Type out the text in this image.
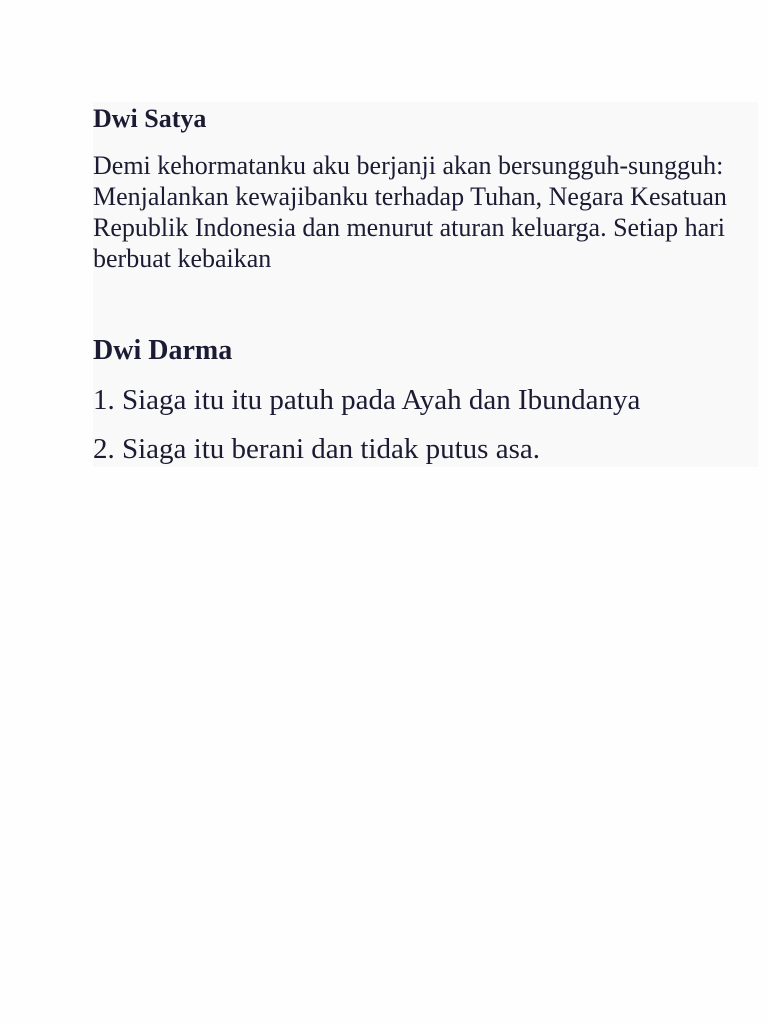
Dwi Satya

Demi kehormatanku aku berjanji akan bersungguh-sungguh: Menjalankan kewajibanku terhadap Tuhan, Negara Kesatuan Republik Indonesia dan menurut aturan keluarga. Setiap hari berbuat kebaikan

Dwi Darma
1. Siaga itu itu patuh pada Ayah dan Ibundanya
2. Siaga itu berani dan tidak putus asa.
